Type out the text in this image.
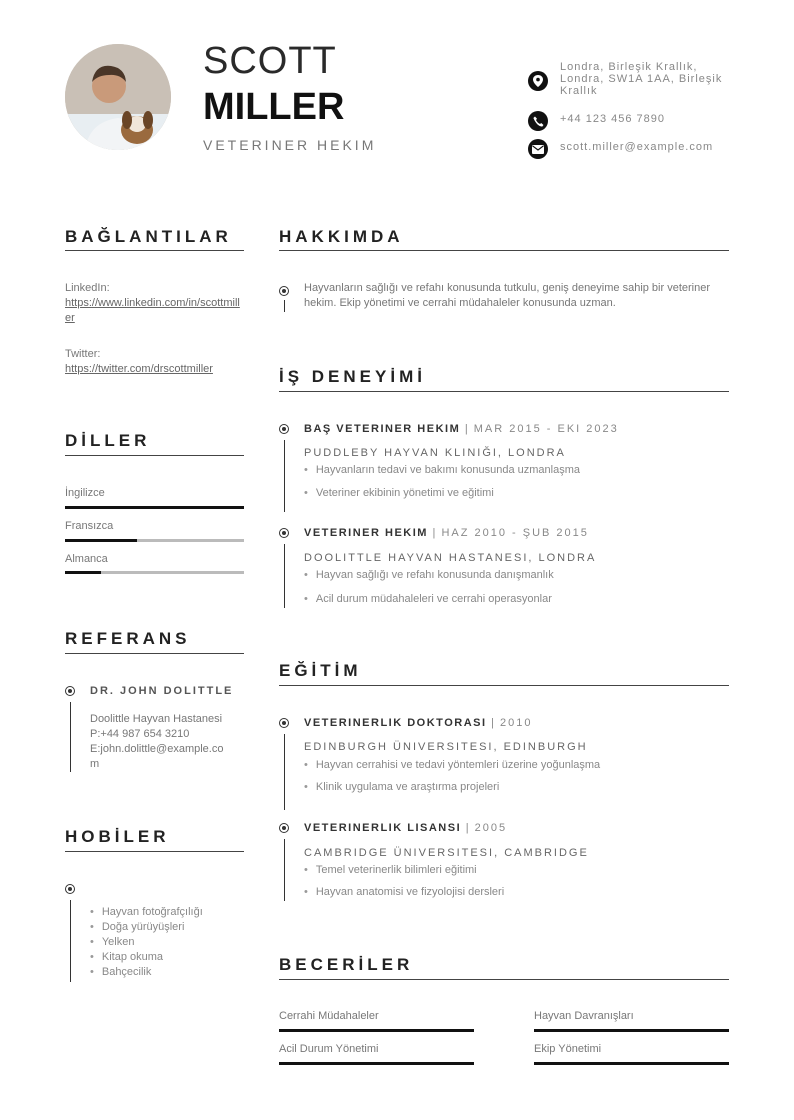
SCOTT
MILLER
VETERINER HEKIM
Londra, Birleşik Krallık, Londra, SW1A 1AA, Birleşik Krallık
+44 123 456 7890
scott.miller@example.com
BAĞLANTILAR
LinkedIn:
https://www.linkedin.com/in/scottmiller
Twitter:
https://twitter.com/drscottmiller
DİLLER
İngilizce
Fransızca
Almanca
REFERANS
DR. JOHN DOLITTLE
Doolittle Hayvan Hastanesi
P:+44 987 654 3210
E:john.dolittle@example.co
m
HOBİLER
• Hayvan fotoğrafçılığı
• Doğa yürüyüşleri
• Yelken
• Kitap okuma
• Bahçecilik
HAKKIMDA
Hayvanların sağlığı ve refahı konusunda tutkulu, geniş deneyime sahip bir veteriner hekim. Ekip yönetimi ve cerrahi müdahaleler konusunda uzman.
İŞ DENEYİMİ
BAŞ VETERINER HEKIM | MAR 2015 - EKI 2023
PUDDLEBY HAYVAN KLINIĞI, LONDRA
• Hayvanların tedavi ve bakımı konusunda uzmanlaşma
• Veteriner ekibinin yönetimi ve eğitimi
VETERINER HEKIM | HAZ 2010 - ŞUB 2015
DOOLITTLE HAYVAN HASTANESI, LONDRA
• Hayvan sağlığı ve refahı konusunda danışmanlık
• Acil durum müdahaleleri ve cerrahi operasyonlar
EĞİTİM
VETERINERLIK DOKTORASI | 2010
EDINBURGH ÜNIVERSITESI, EDINBURGH
• Hayvan cerrahisi ve tedavi yöntemleri üzerine yoğunlaşma
• Klinik uygulama ve araştırma projeleri
VETERINERLIK LISANSI | 2005
CAMBRIDGE ÜNIVERSITESI, CAMBRIDGE
• Temel veterinerlik bilimleri eğitimi
• Hayvan anatomisi ve fizyolojisi dersleri
BECERİLER
Cerrahi Müdahaleler	Hayvan Davranışları
Acil Durum Yönetimi	Ekip Yönetimi
